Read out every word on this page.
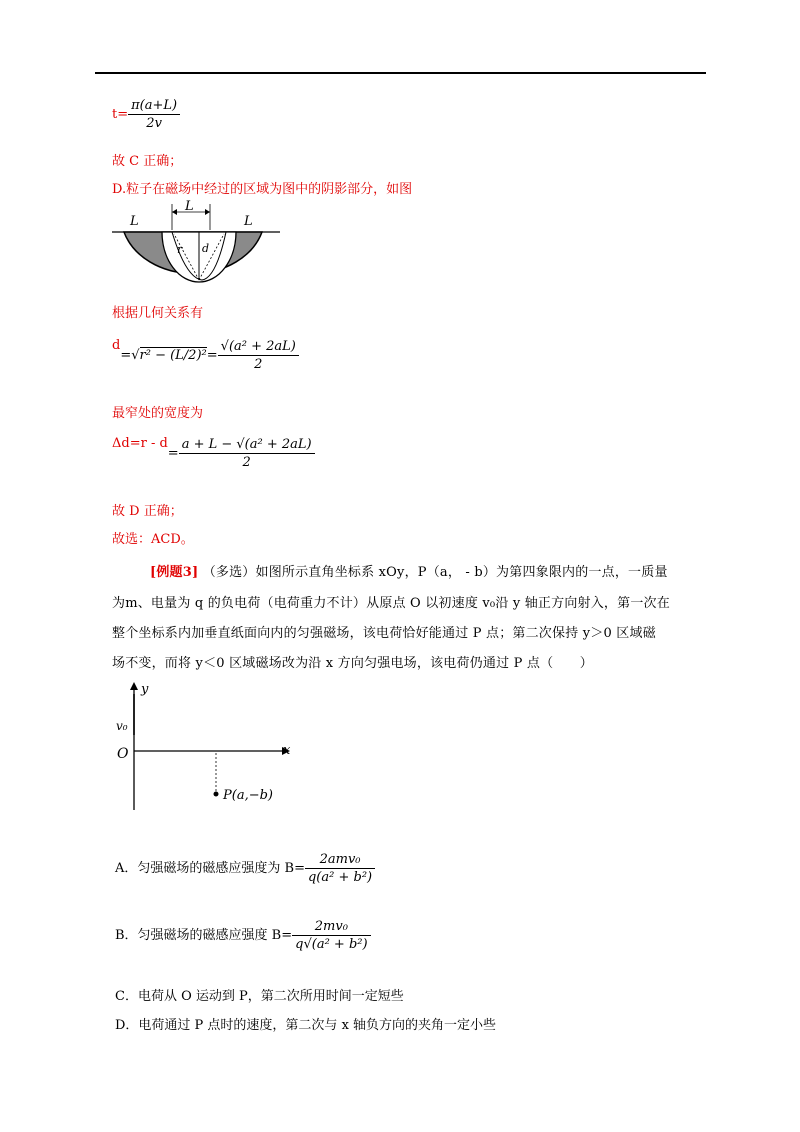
$t= \frac{\pi(a+L)}{2v}$
故 C 正确；
D.粒子在磁场中经过的区域为图中的阴影部分，如图
L
L
L
r d
根据几何关系有
$d=√r^2 - (L/2)^2= \frac{\text{√(a² + 2aL)}}{2}$
最窄处的宽度为
$\Delta d=r - d= \frac{\text{a + L − √(a² + 2aL)}}{2}$
故 D 正确；
故选：ACD。
[例题3] （多选）如图所示直角坐标系 xOy，P（a， - b）为第四象限内的一点，一质量
为m、电量为 q 的负电荷（电荷重力不计）从原点 O 以初速度 v₀沿 y 轴正方向射入，第一次在
整个坐标系内加垂直纸面向内的匀强磁场，该电荷恰好能通过 P 点；第二次保持 y＞0 区域磁
场不变，而将 y＜0 区域磁场改为沿 x 方向匀强电场，该电荷仍通过 P 点（　　）
y
x
v₀
O
P(a,−b)
A．匀强磁场的磁感应强度为 $B= \frac{\text{2amv₀}}{\text{q(a² + b²)}}$
B．匀强磁场的磁感应强度 $B= \frac{\text{2mv₀}}{\text{q√(a² + b²)}}$
C．电荷从 O 运动到 P，第二次所用时间一定短些
D．电荷通过 P 点时的速度，第二次与 x 轴负方向的夹角一定小些
